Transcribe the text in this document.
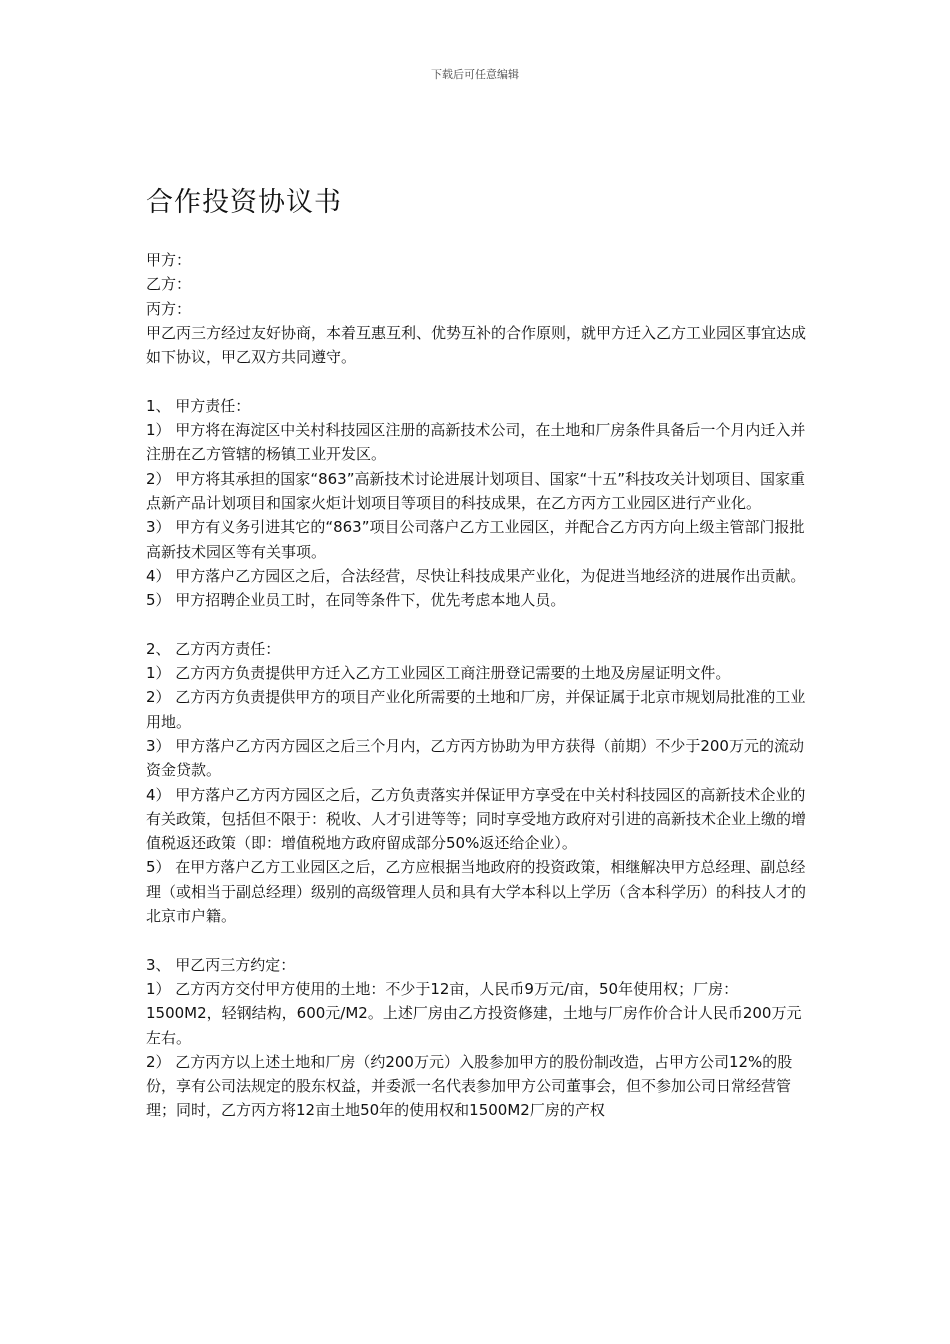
下载后可任意编辑
合作投资协议书

甲方：

乙方：

丙方：

甲乙丙三方经过友好协商，本着互惠互利、优势互补的合作原则，就甲方迁入乙方工业园区事宜达成如下协议，甲乙双方共同遵守。

1、 甲方责任：

1） 甲方将在海淀区中关村科技园区注册的高新技术公司，在土地和厂房条件具备后一个月内迁入并注册在乙方管辖的杨镇工业开发区。

2） 甲方将其承担的国家“863”高新技术讨论进展计划项目、国家“十五”科技攻关计划项目、国家重点新产品计划项目和国家火炬计划项目等项目的科技成果，在乙方丙方工业园区进行产业化。

3） 甲方有义务引进其它的“863”项目公司落户乙方工业园区，并配合乙方丙方向上级主管部门报批高新技术园区等有关事项。

4） 甲方落户乙方园区之后，合法经营，尽快让科技成果产业化，为促进当地经济的进展作出贡献。

5） 甲方招聘企业员工时，在同等条件下，优先考虑本地人员。

2、 乙方丙方责任：

1） 乙方丙方负责提供甲方迁入乙方工业园区工商注册登记需要的土地及房屋证明文件。

2） 乙方丙方负责提供甲方的项目产业化所需要的土地和厂房，并保证属于北京市规划局批准的工业用地。

3） 甲方落户乙方丙方园区之后三个月内，乙方丙方协助为甲方获得（前期）不少于200万元的流动资金贷款。

4） 甲方落户乙方丙方园区之后，乙方负责落实并保证甲方享受在中关村科技园区的高新技术企业的有关政策，包括但不限于：税收、人才引进等等；同时享受地方政府对引进的高新技术企业上缴的增值税返还政策（即：增值税地方政府留成部分50%返还给企业）。

5） 在甲方落户乙方工业园区之后，乙方应根据当地政府的投资政策，相继解决甲方总经理、副总经理（或相当于副总经理）级别的高级管理人员和具有大学本科以上学历（含本科学历）的科技人才的北京市户籍。

3、 甲乙丙三方约定：

1） 乙方丙方交付甲方使用的土地：不少于12亩，人民币9万元/亩，50年使用权；厂房：1500M2，轻钢结构，600元/M2。上述厂房由乙方投资修建，土地与厂房作价合计人民币200万元左右。

2） 乙方丙方以上述土地和厂房（约200万元）入股参加甲方的股份制改造，占甲方公司12%的股份，享有公司法规定的股东权益，并委派一名代表参加甲方公司董事会，但不参加公司日常经营管理；同时，乙方丙方将12亩土地50年的使用权和1500M2厂房的产权
